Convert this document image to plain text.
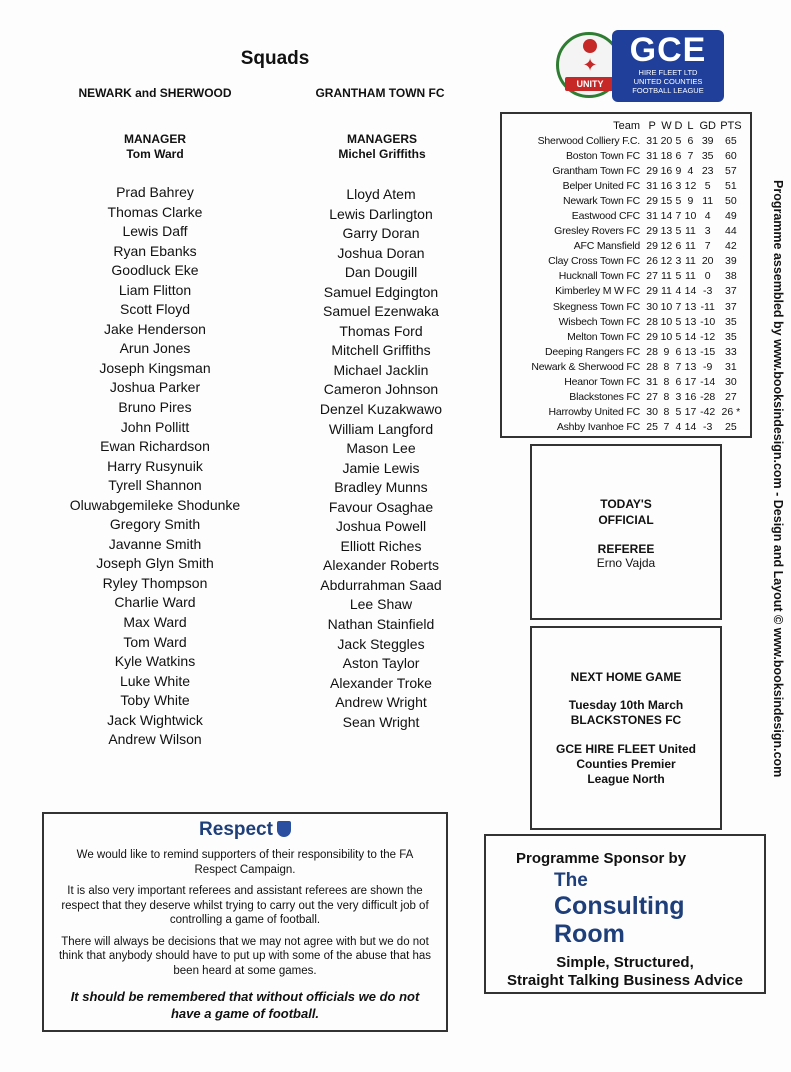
Squads
NEWARK and SHERWOOD	GRANTHAM TOWN FC
MANAGER
Tom Ward
MANAGERS
Michel Griffiths
Prad Bahrey
Thomas Clarke
Lewis Daff
Ryan Ebanks
Goodluck Eke
Liam Flitton
Scott Floyd
Jake Henderson
Arun Jones
Joseph Kingsman
Joshua Parker
Bruno Pires
John Pollitt
Ewan Richardson
Harry Rusynuik
Tyrell Shannon
Oluwabgemileke Shodunke
Gregory Smith
Javanne Smith
Joseph Glyn Smith
Ryley Thompson
Charlie Ward
Max Ward
Tom Ward
Kyle Watkins
Luke White
Toby White
Jack Wightwick
Andrew Wilson
Lloyd Atem
Lewis Darlington
Garry Doran
Joshua Doran
Dan Dougill
Samuel Edgington
Samuel Ezenwaka
Thomas Ford
Mitchell Griffiths
Michael Jacklin
Cameron Johnson
Denzel Kuzakwawo
William Langford
Mason Lee
Jamie Lewis
Bradley Munns
Favour Osaghae
Joshua Powell
Elliott Riches
Alexander Roberts
Abdurrahman Saad
Lee Shaw
Nathan Stainfield
Jack Steggles
Aston Taylor
Alexander Troke
Andrew Wright
Sean Wright
✦
UNITY
GCE
HIRE FLEET LTD
UNITED COUNTIES
FOOTBALL LEAGUE
Team	P	W	D	L	GD	PTS
Sherwood Colliery F.C.	31	20	5	6	39	65
Boston Town FC	31	18	6	7	35	60
Grantham Town FC	29	16	9	4	23	57
Belper United FC	31	16	3	12	5	51
Newark Town FC	29	15	5	9	11	50
Eastwood CFC	31	14	7	10	4	49
Gresley Rovers FC	29	13	5	11	3	44
AFC Mansfield	29	12	6	11	7	42
Clay Cross Town FC	26	12	3	11	20	39
Hucknall Town FC	27	11	5	11	0	38
Kimberley M W FC	29	11	4	14	-3	37
Skegness Town FC	30	10	7	13	-11	37
Wisbech Town FC	28	10	5	13	-10	35
Melton Town FC	29	10	5	14	-12	35
Deeping Rangers FC	28	9	6	13	-15	33
Newark & Sherwood FC	28	8	7	13	-9	31
Heanor Town FC	31	8	6	17	-14	30
Blackstones FC	27	8	3	16	-28	27
Harrowby United FC	30	8	5	17	-42	26 *
Ashby Ivanhoe FC	25	7	4	14	-3	25	Programme assembled by www.booksindesign.com - Design and Layout © www.booksindesign.com
TODAY'S
OFFICIAL
REFEREE
Erno Vajda
NEXT HOME GAME
Tuesday 10th March
BLACKSTONES FC
GCE HIRE FLEET United
Counties Premier
League North
Programme Sponsor by
The
Consulting
Room
Simple, Structured,
Straight Talking Business Advice
Respect

We would like to remind supporters of their responsibility to the FA Respect Campaign.

It is also very important referees and assistant referees are shown the respect that they deserve whilst trying to carry out the very difficult job of controlling a game of football.

There will always be decisions that we may not agree with but we do not think that anybody should have to put up with some of the abuse that has been heard at some games.

It should be remembered that without officials we do not have a game of football.
